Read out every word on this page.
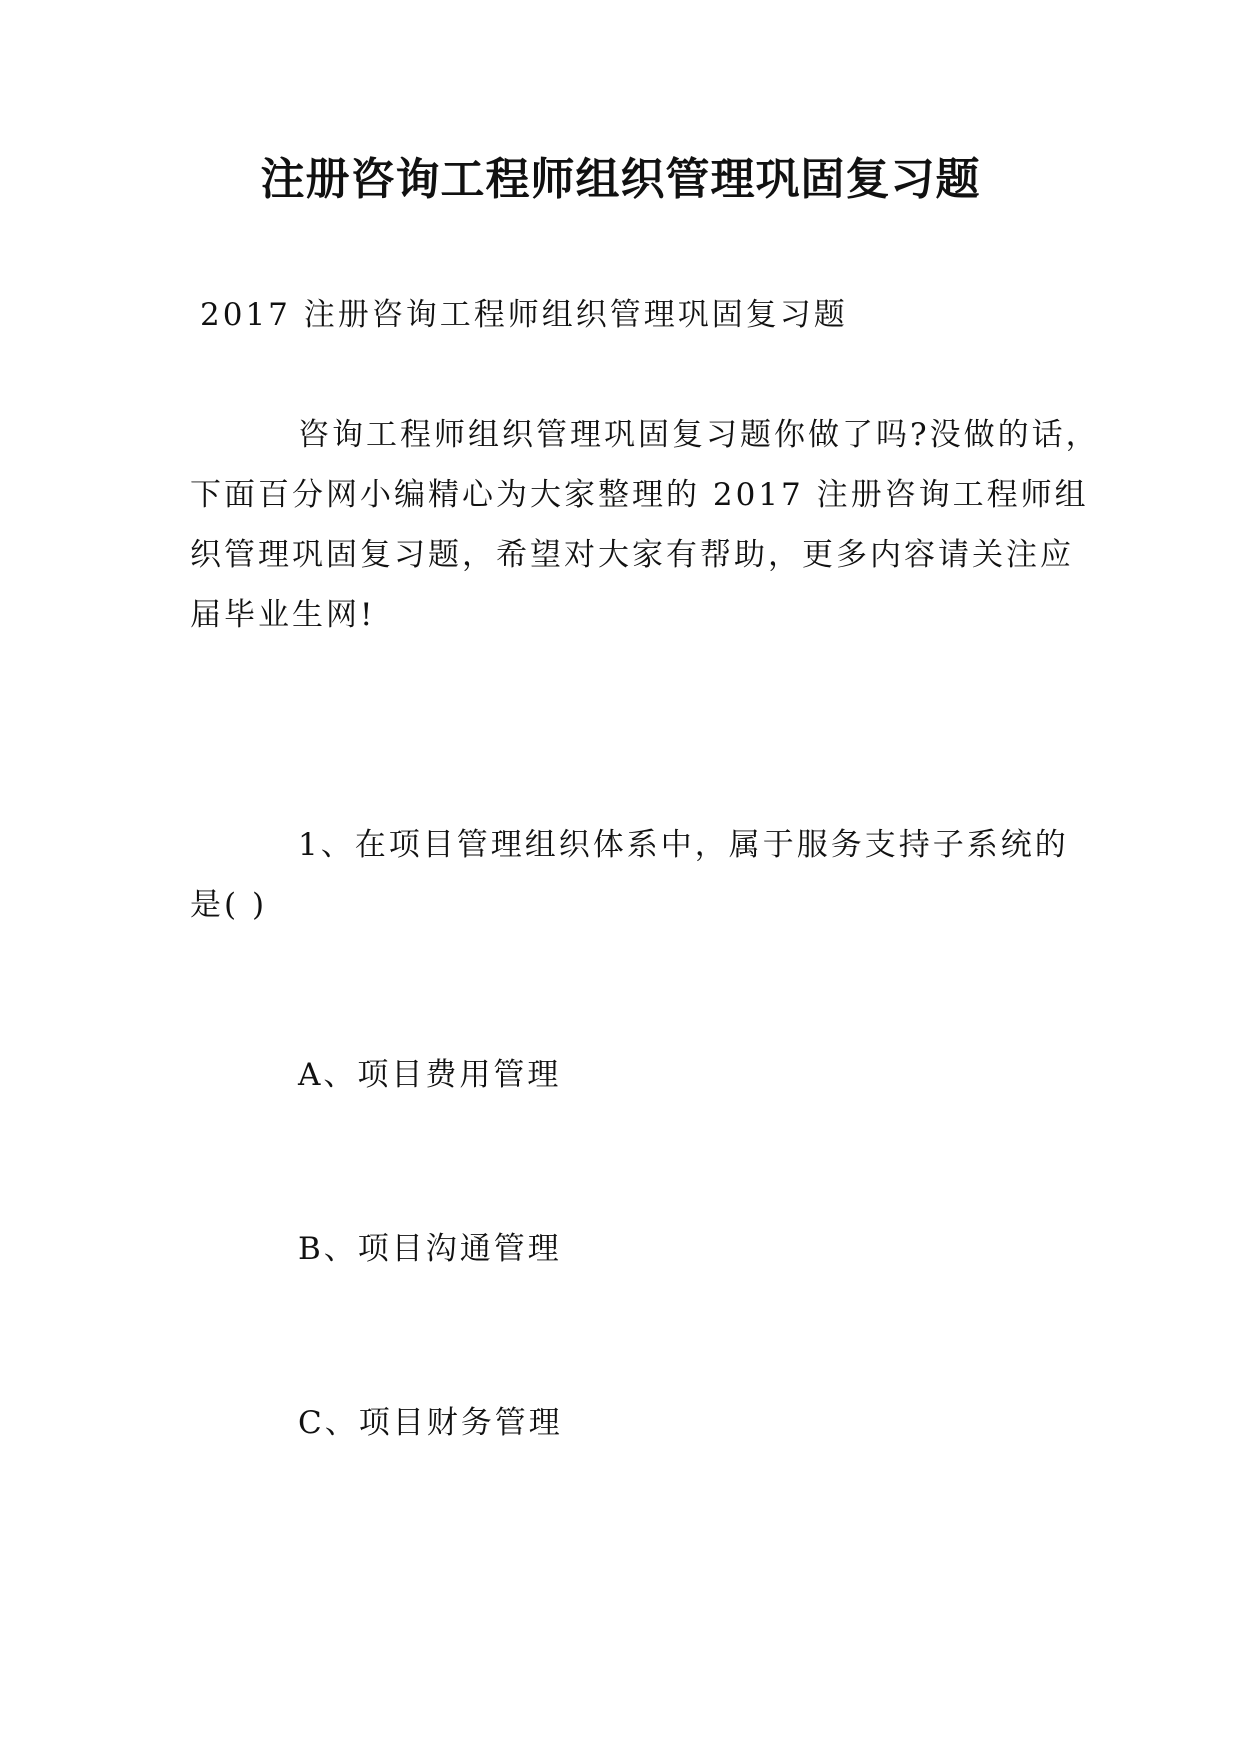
注册咨询工程师组织管理巩固复习题
2017 注册咨询工程师组织管理巩固复习题
咨询工程师组织管理巩固复习题你做了吗?没做的话，
下面百分网小编精心为大家整理的 2017 注册咨询工程师组
织管理巩固复习题，希望对大家有帮助，更多内容请关注应
届毕业生网!
1、在项目管理组织体系中，属于服务支持子系统的
是( )
A、项目费用管理
B、项目沟通管理
C、项目财务管理
